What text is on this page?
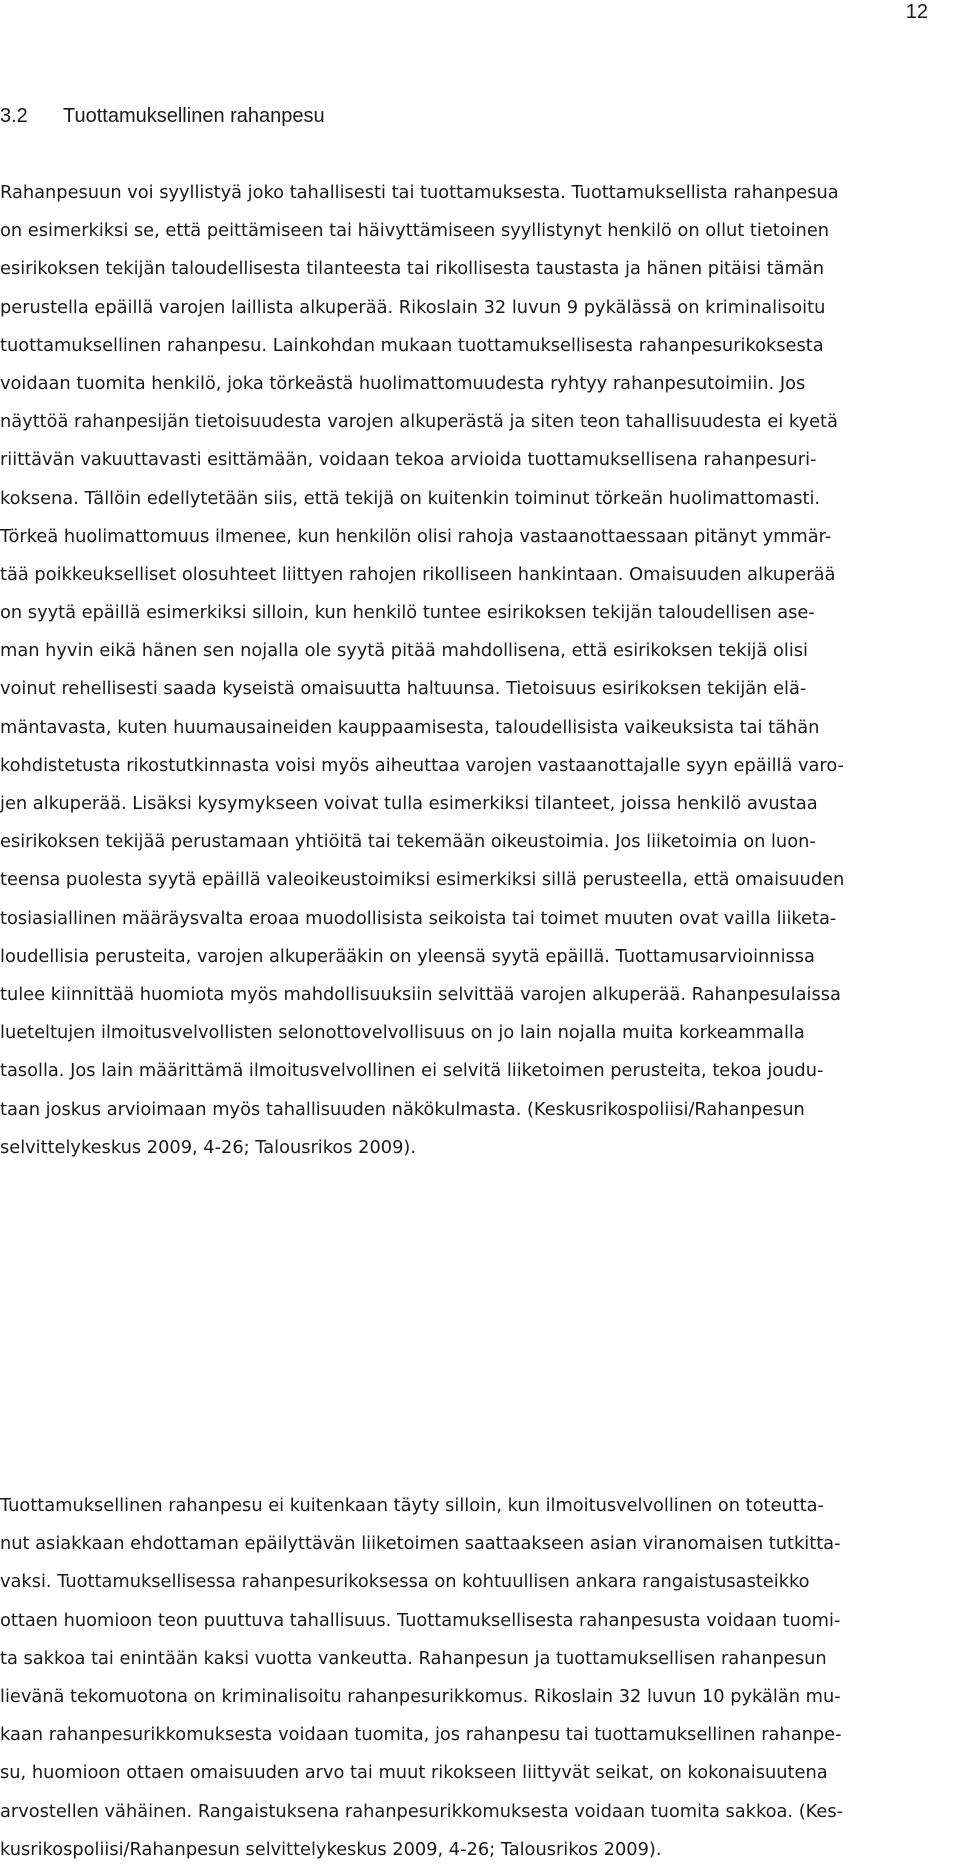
12
3.2 Tuottamuksellinen rahanpesu
Rahanpesuun voi syyllistyä joko tahallisesti tai tuottamuksesta. Tuottamuksellista rahanpesua
on esimerkiksi se, että peittämiseen tai häivyttämiseen syyllistynyt henkilö on ollut tietoinen
esirikoksen tekijän taloudellisesta tilanteesta tai rikollisesta taustasta ja hänen pitäisi tämän
perustella epäillä varojen laillista alkuperää. Rikoslain 32 luvun 9 pykälässä on kriminalisoitu
tuottamuksellinen rahanpesu. Lainkohdan mukaan tuottamuksellisesta rahanpesurikoksesta
voidaan tuomita henkilö, joka törkeästä huolimattomuudesta ryhtyy rahanpesutoimiin. Jos
näyttöä rahanpesijän tietoisuudesta varojen alkuperästä ja siten teon tahallisuudesta ei kyetä
riittävän vakuuttavasti esittämään, voidaan tekoa arvioida tuottamuksellisena rahanpesuri-
koksena. Tällöin edellytetään siis, että tekijä on kuitenkin toiminut törkeän huolimattomasti.
Törkeä huolimattomuus ilmenee, kun henkilön olisi rahoja vastaanottaessaan pitänyt ymmär-
tää poikkeukselliset olosuhteet liittyen rahojen rikolliseen hankintaan. Omaisuuden alkuperää
on syytä epäillä esimerkiksi silloin, kun henkilö tuntee esirikoksen tekijän taloudellisen ase-
man hyvin eikä hänen sen nojalla ole syytä pitää mahdollisena, että esirikoksen tekijä olisi
voinut rehellisesti saada kyseistä omaisuutta haltuunsa. Tietoisuus esirikoksen tekijän elä-
mäntavasta, kuten huumausaineiden kauppaamisesta, taloudellisista vaikeuksista tai tähän
kohdistetusta rikostutkinnasta voisi myös aiheuttaa varojen vastaanottajalle syyn epäillä varo-
jen alkuperää. Lisäksi kysymykseen voivat tulla esimerkiksi tilanteet, joissa henkilö avustaa
esirikoksen tekijää perustamaan yhtiöitä tai tekemään oikeustoimia. Jos liiketoimia on luon-
teensa puolesta syytä epäillä valeoikeustoimiksi esimerkiksi sillä perusteella, että omaisuuden
tosiasiallinen määräysvalta eroaa muodollisista seikoista tai toimet muuten ovat vailla liiketa-
loudellisia perusteita, varojen alkuperääkin on yleensä syytä epäillä. Tuottamusarvioinnissa
tulee kiinnittää huomiota myös mahdollisuuksiin selvittää varojen alkuperää. Rahanpesulaissa
lueteltujen ilmoitusvelvollisten selonottovelvollisuus on jo lain nojalla muita korkeammalla
tasolla. Jos lain määrittämä ilmoitusvelvollinen ei selvitä liiketoimen perusteita, tekoa joudu-
taan joskus arvioimaan myös tahallisuuden näkökulmasta. (Keskusrikospoliisi/Rahanpesun
selvittelykeskus 2009, 4-26; Talousrikos 2009).
Tuottamuksellinen rahanpesu ei kuitenkaan täyty silloin, kun ilmoitusvelvollinen on toteutta-
nut asiakkaan ehdottaman epäilyttävän liiketoimen saattaakseen asian viranomaisen tutkitta-
vaksi. Tuottamuksellisessa rahanpesurikoksessa on kohtuullisen ankara rangaistusasteikko
ottaen huomioon teon puuttuva tahallisuus. Tuottamuksellisesta rahanpesusta voidaan tuomi-
ta sakkoa tai enintään kaksi vuotta vankeutta. Rahanpesun ja tuottamuksellisen rahanpesun
lievänä tekomuotona on kriminalisoitu rahanpesurikkomus. Rikoslain 32 luvun 10 pykälän mu-
kaan rahanpesurikkomuksesta voidaan tuomita, jos rahanpesu tai tuottamuksellinen rahanpe-
su, huomioon ottaen omaisuuden arvo tai muut rikokseen liittyvät seikat, on kokonaisuutena
arvostellen vähäinen. Rangaistuksena rahanpesurikkomuksesta voidaan tuomita sakkoa. (Kes-
kusrikospoliisi/Rahanpesun selvittelykeskus 2009, 4-26; Talousrikos 2009).
